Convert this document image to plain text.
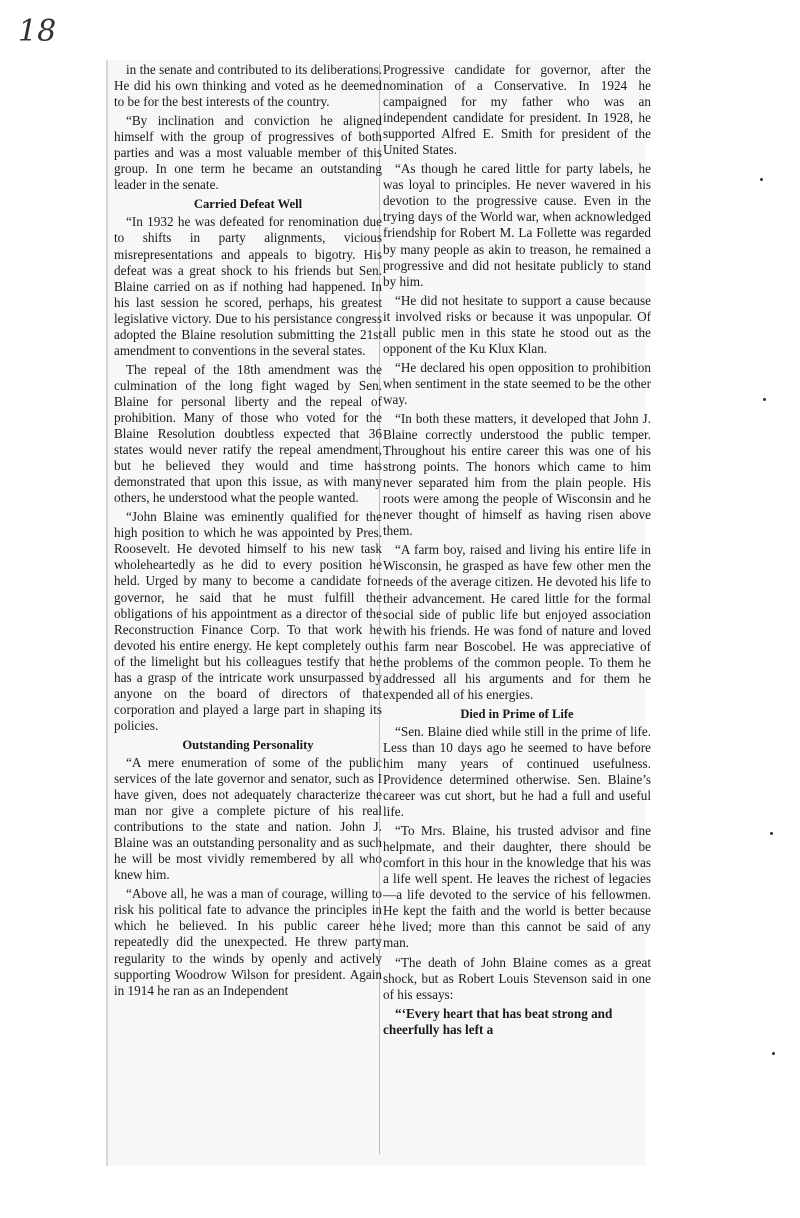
18

in the senate and contributed to its deliberations. He did his own thinking and voted as he deemed to be for the best interests of the country.

“By inclination and conviction he aligned himself with the group of progressives of both parties and was a most valuable member of this group. In one term he became an outstanding leader in the senate.

Carried Defeat Well

“In 1932 he was defeated for renomination due to shifts in party alignments, vicious misrepresentations and appeals to bigotry. His defeat was a great shock to his friends but Sen. Blaine carried on as if nothing had happened. In his last session he scored, perhaps, his greatest legislative victory. Due to his persistance congress adopted the Blaine resolution submitting the 21st amendment to conventions in the several states.

The repeal of the 18th amendment was the culmination of the long fight waged by Sen. Blaine for personal liberty and the repeal of prohibition. Many of those who voted for the Blaine Resolution doubtless expected that 36 states would never ratify the repeal amendment, but he believed they would and time has demonstrated that upon this issue, as with many others, he understood what the people wanted.

“John Blaine was eminently qualified for the high position to which he was appointed by Pres. Roosevelt. He devoted himself to his new task wholeheartedly as he did to every position he held. Urged by many to become a candidate for governor, he said that he must fulfill the obligations of his appointment as a director of the Reconstruction Finance Corp. To that work he devoted his entire energy. He kept completely out of the limelight but his colleagues testify that he has a grasp of the intricate work unsurpassed by anyone on the board of directors of that corporation and played a large part in shaping its policies.

Outstanding Personality

“A mere enumeration of some of the public services of the late governor and senator, such as I have given, does not adequately characterize the man nor give a complete picture of his real contributions to the state and nation. John J. Blaine was an outstanding personality and as such he will be most vividly remembered by all who knew him.

“Above all, he was a man of courage, willing to risk his political fate to advance the principles in which he believed. In his public career he repeatedly did the unexpected. He threw party regularity to the winds by openly and actively supporting Woodrow Wilson for president. Again in 1914 he ran as an Independent

Progressive candidate for governor, after the nomination of a Conservative. In 1924 he campaigned for my father who was an independent candidate for president. In 1928, he supported Alfred E. Smith for president of the United States.

“As though he cared little for party labels, he was loyal to principles. He never wavered in his devotion to the progressive cause. Even in the trying days of the World war, when acknowledged friendship for Robert M. La Follette was regarded by many people as akin to treason, he remained a progressive and did not hesitate publicly to stand by him.

“He did not hesitate to support a cause because it involved risks or because it was unpopular. Of all public men in this state he stood out as the opponent of the Ku Klux Klan.

“He declared his open opposition to prohibition when sentiment in the state seemed to be the other way.

“In both these matters, it developed that John J. Blaine correctly understood the public temper. Throughout his entire career this was one of his strong points. The honors which came to him never separated him from the plain people. His roots were among the people of Wisconsin and he never thought of himself as having risen above them.

“A farm boy, raised and living his entire life in Wisconsin, he grasped as have few other men the needs of the average citizen. He devoted his life to their advancement. He cared little for the formal social side of public life but enjoyed association with his friends. He was fond of nature and loved his farm near Boscobel. He was appreciative of the problems of the common people. To them he addressed all his arguments and for them he expended all of his energies.

Died in Prime of Life

“Sen. Blaine died while still in the prime of life. Less than 10 days ago he seemed to have before him many years of continued usefulness. Providence determined otherwise. Sen. Blaine’s career was cut short, but he had a full and useful life.

“To Mrs. Blaine, his trusted advisor and fine helpmate, and their daughter, there should be comfort in this hour in the knowledge that his was a life well spent. He leaves the richest of legacies—a life devoted to the service of his fellowmen. He kept the faith and the world is better because he lived; more than this cannot be said of any man.

“The death of John Blaine comes as a great shock, but as Robert Louis Stevenson said in one of his essays:

“‘Every heart that has beat strong and cheerfully has left a
